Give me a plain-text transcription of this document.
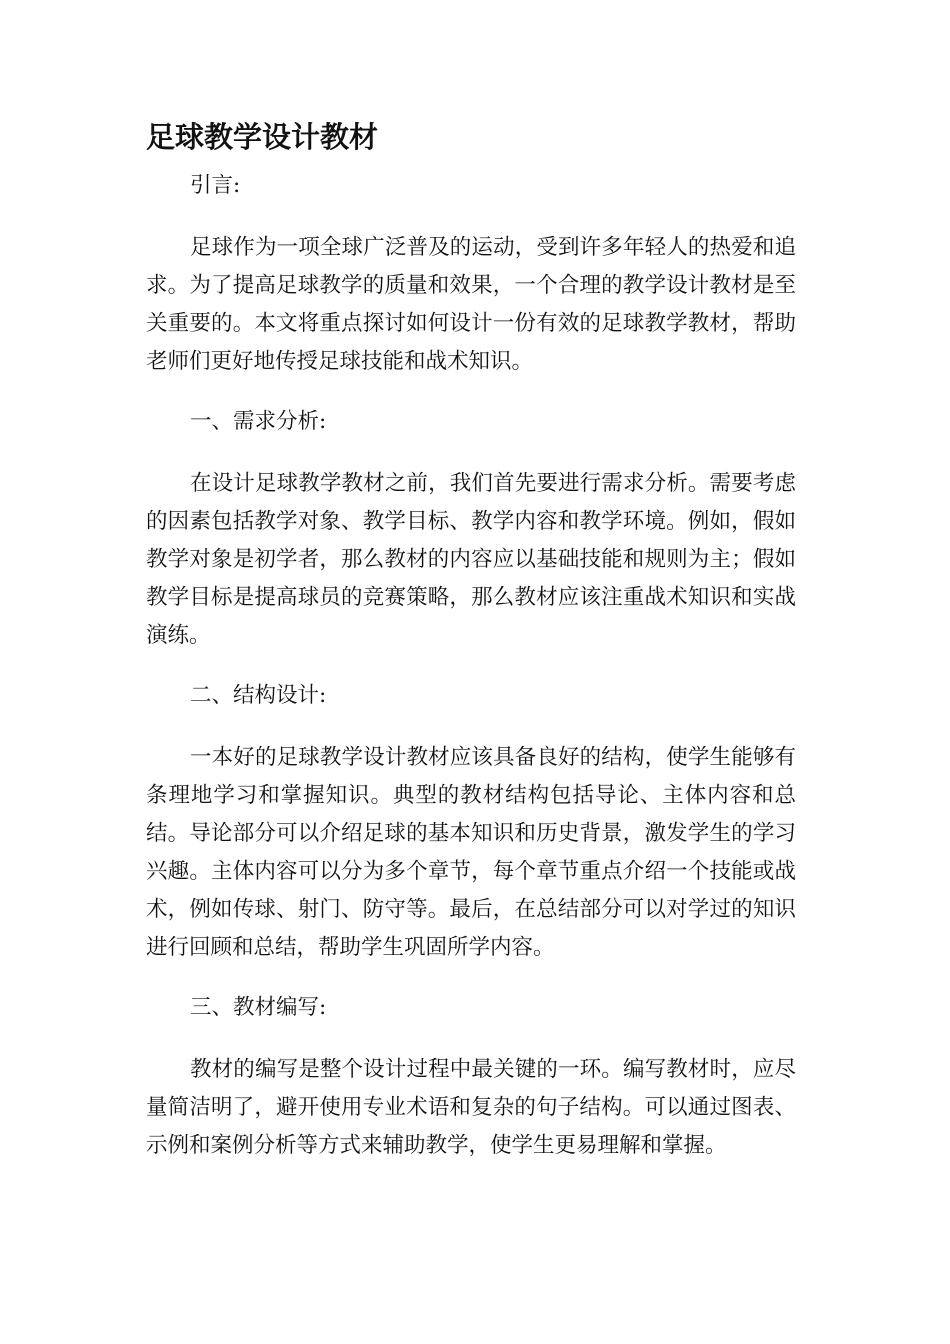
足球教学设计教材

引言:

足球作为一项全球广泛普及的运动，受到许多年轻人的热爱和追求。为了提高足球教学的质量和效果，一个合理的教学设计教材是至关重要的。本文将重点探讨如何设计一份有效的足球教学教材，帮助老师们更好地传授足球技能和战术知识。

一、需求分析:

在设计足球教学教材之前，我们首先要进行需求分析。需要考虑的因素包括教学对象、教学目标、教学内容和教学环境。例如，假如教学对象是初学者，那么教材的内容应以基础技能和规则为主；假如教学目标是提高球员的竞赛策略，那么教材应该注重战术知识和实战演练。

二、结构设计:

一本好的足球教学设计教材应该具备良好的结构，使学生能够有条理地学习和掌握知识。典型的教材结构包括导论、主体内容和总结。导论部分可以介绍足球的基本知识和历史背景，激发学生的学习兴趣。主体内容可以分为多个章节，每个章节重点介绍一个技能或战术，例如传球、射门、防守等。最后，在总结部分可以对学过的知识进行回顾和总结，帮助学生巩固所学内容。

三、教材编写:

教材的编写是整个设计过程中最关键的一环。编写教材时，应尽量简洁明了，避开使用专业术语和复杂的句子结构。可以通过图表、示例和案例分析等方式来辅助教学，使学生更易理解和掌握。
